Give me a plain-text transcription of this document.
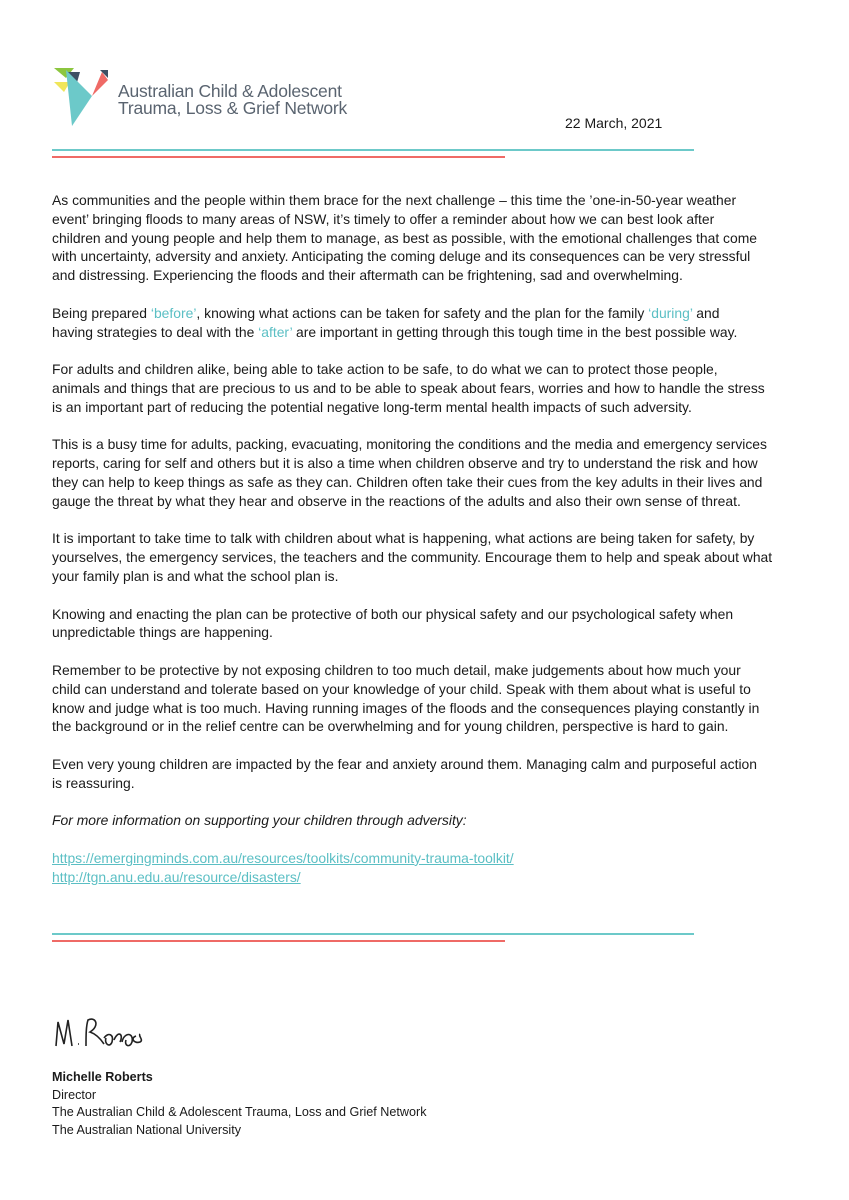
Australian Child & Adolescent
Trauma, Loss & Grief Network
22 March, 2021

As communities and the people within them brace for the next challenge – this time the ’one-in-50-year weather
event’ bringing floods to many areas of NSW, it’s timely to offer a reminder about how we can best look after
children and young people and help them to manage, as best as possible, with the emotional challenges that come
with uncertainty, adversity and anxiety. Anticipating the coming deluge and its consequences can be very stressful
and distressing. Experiencing the floods and their aftermath can be frightening, sad and overwhelming.

Being prepared ‘before’, knowing what actions can be taken for safety and the plan for the family ‘during’ and
having strategies to deal with the ‘after’ are important in getting through this tough time in the best possible way.

For adults and children alike, being able to take action to be safe, to do what we can to protect those people,
animals and things that are precious to us and to be able to speak about fears, worries and how to handle the stress
is an important part of reducing the potential negative long-term mental health impacts of such adversity.

This is a busy time for adults, packing, evacuating, monitoring the conditions and the media and emergency services
reports, caring for self and others but it is also a time when children observe and try to understand the risk and how
they can help to keep things as safe as they can. Children often take their cues from the key adults in their lives and
gauge the threat by what they hear and observe in the reactions of the adults and also their own sense of threat.

It is important to take time to talk with children about what is happening, what actions are being taken for safety, by
yourselves, the emergency services, the teachers and the community. Encourage them to help and speak about what
your family plan is and what the school plan is.

Knowing and enacting the plan can be protective of both our physical safety and our psychological safety when
unpredictable things are happening.

Remember to be protective by not exposing children to too much detail, make judgements about how much your
child can understand and tolerate based on your knowledge of your child. Speak with them about what is useful to
know and judge what is too much. Having running images of the floods and the consequences playing constantly in
the background or in the relief centre can be overwhelming and for young children, perspective is hard to gain.

Even very young children are impacted by the fear and anxiety around them. Managing calm and purposeful action
is reassuring.

For more information on supporting your children through adversity:

https://emergingminds.com.au/resources/toolkits/community-trauma-toolkit/
http://tgn.anu.edu.au/resource/disasters/
Michelle Roberts
Director
The Australian Child & Adolescent Trauma, Loss and Grief Network
The Australian National University
